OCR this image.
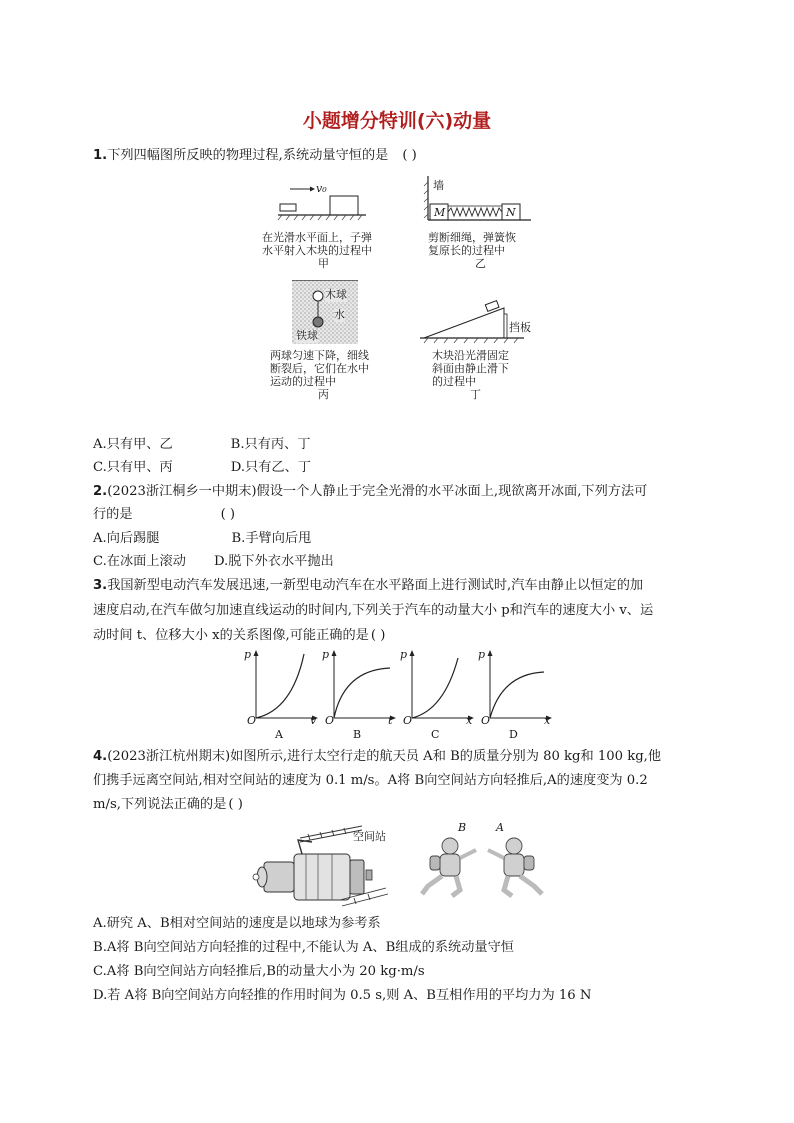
小题增分特训(六)动量
1.下列四幅图所反映的物理过程,系统动量守恒的是 ( )
v₀
在光滑水平面上，子弹
水平射入木块的过程中
甲
墙
M	N
剪断细绳，弹簧恢
复原长的过程中
乙
木球
水
铁球
两球匀速下降，细线
断裂后，它们在水中
运动的过程中
丙
挡板
木块沿光滑固定
斜面由静止滑下
的过程中
丁
A.只有甲、乙	B.只有丙、丁
C.只有甲、丙	D.只有乙、丁
2.(2023浙江桐乡一中期末)假设一个人静止于完全光滑的水平冰面上,现欲离开冰面,下列方法可
行的是	( )
A.向后踢腿	B.手臂向后甩
C.在冰面上滚动 D.脱下外衣水平抛出
3.我国新型电动汽车发展迅速,一新型电动汽车在水平路面上进行测试时,汽车由静止以恒定的加
速度启动,在汽车做匀加速直线运动的时间内,下列关于汽车的动量大小 p和汽车的速度大小 v、运
动时间 t、位移大小 x的关系图像,可能正确的是 ( )
p
O	v
A
p
O	t
B
p
O	x
C
p
O	x
D
4.(2023浙江杭州期末)如图所示,进行太空行走的航天员 A和 B的质量分别为 80 kg和 100 kg,他
们携手远离空间站,相对空间站的速度为 0.1 m/s。A将 B向空间站方向轻推后,A的速度变为 0.2
m/s,下列说法正确的是 ( )
空间站
B	A
A.研究 A、B相对空间站的速度是以地球为参考系
B.A将 B向空间站方向轻推的过程中,不能认为 A、B组成的系统动量守恒
C.A将 B向空间站方向轻推后,B的动量大小为 20 kg·m/s
D.若 A将 B向空间站方向轻推的作用时间为 0.5 s,则 A、B互相作用的平均力为 16 N
